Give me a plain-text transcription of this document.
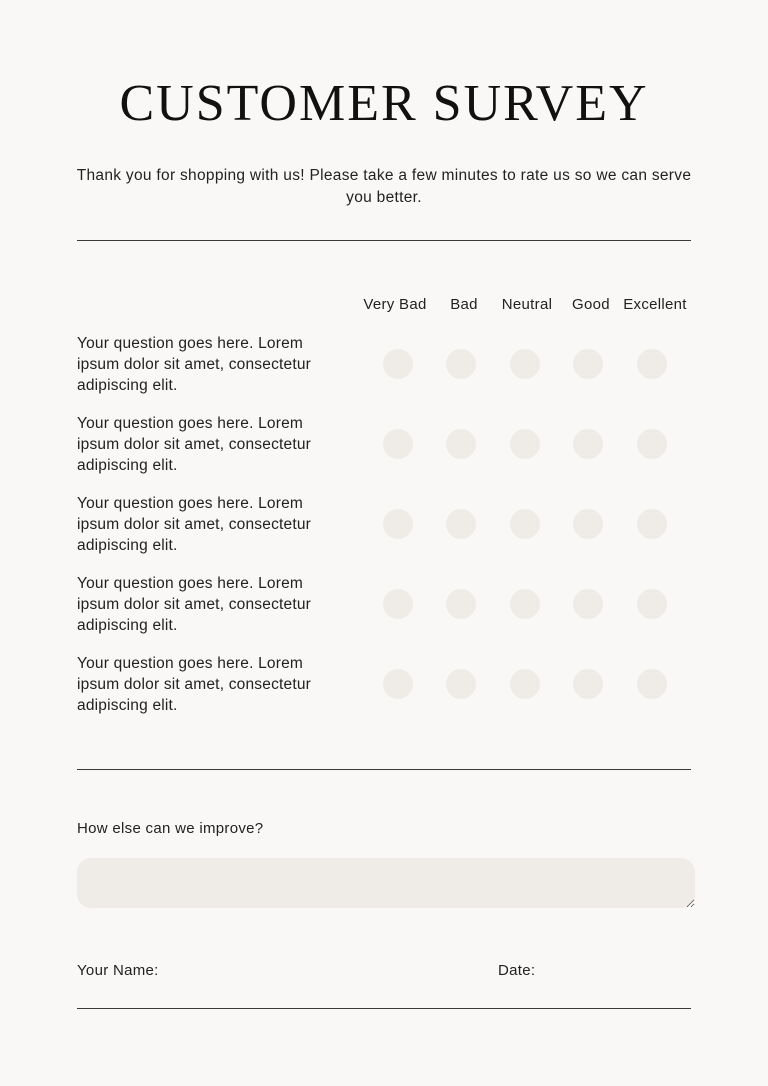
CUSTOMER SURVEY
Thank you for shopping with us! Please take a few minutes to rate us so we can serve you better.
Very Bad Bad Neutral Good Excellent
Your question goes here. Lorem ipsum dolor sit amet, consectetur adipiscing elit.
Your question goes here. Lorem ipsum dolor sit amet, consectetur adipiscing elit.
Your question goes here. Lorem ipsum dolor sit amet, consectetur adipiscing elit.
Your question goes here. Lorem ipsum dolor sit amet, consectetur adipiscing elit.
Your question goes here. Lorem ipsum dolor sit amet, consectetur adipiscing elit.
How else can we improve?
Your Name:	Date:
